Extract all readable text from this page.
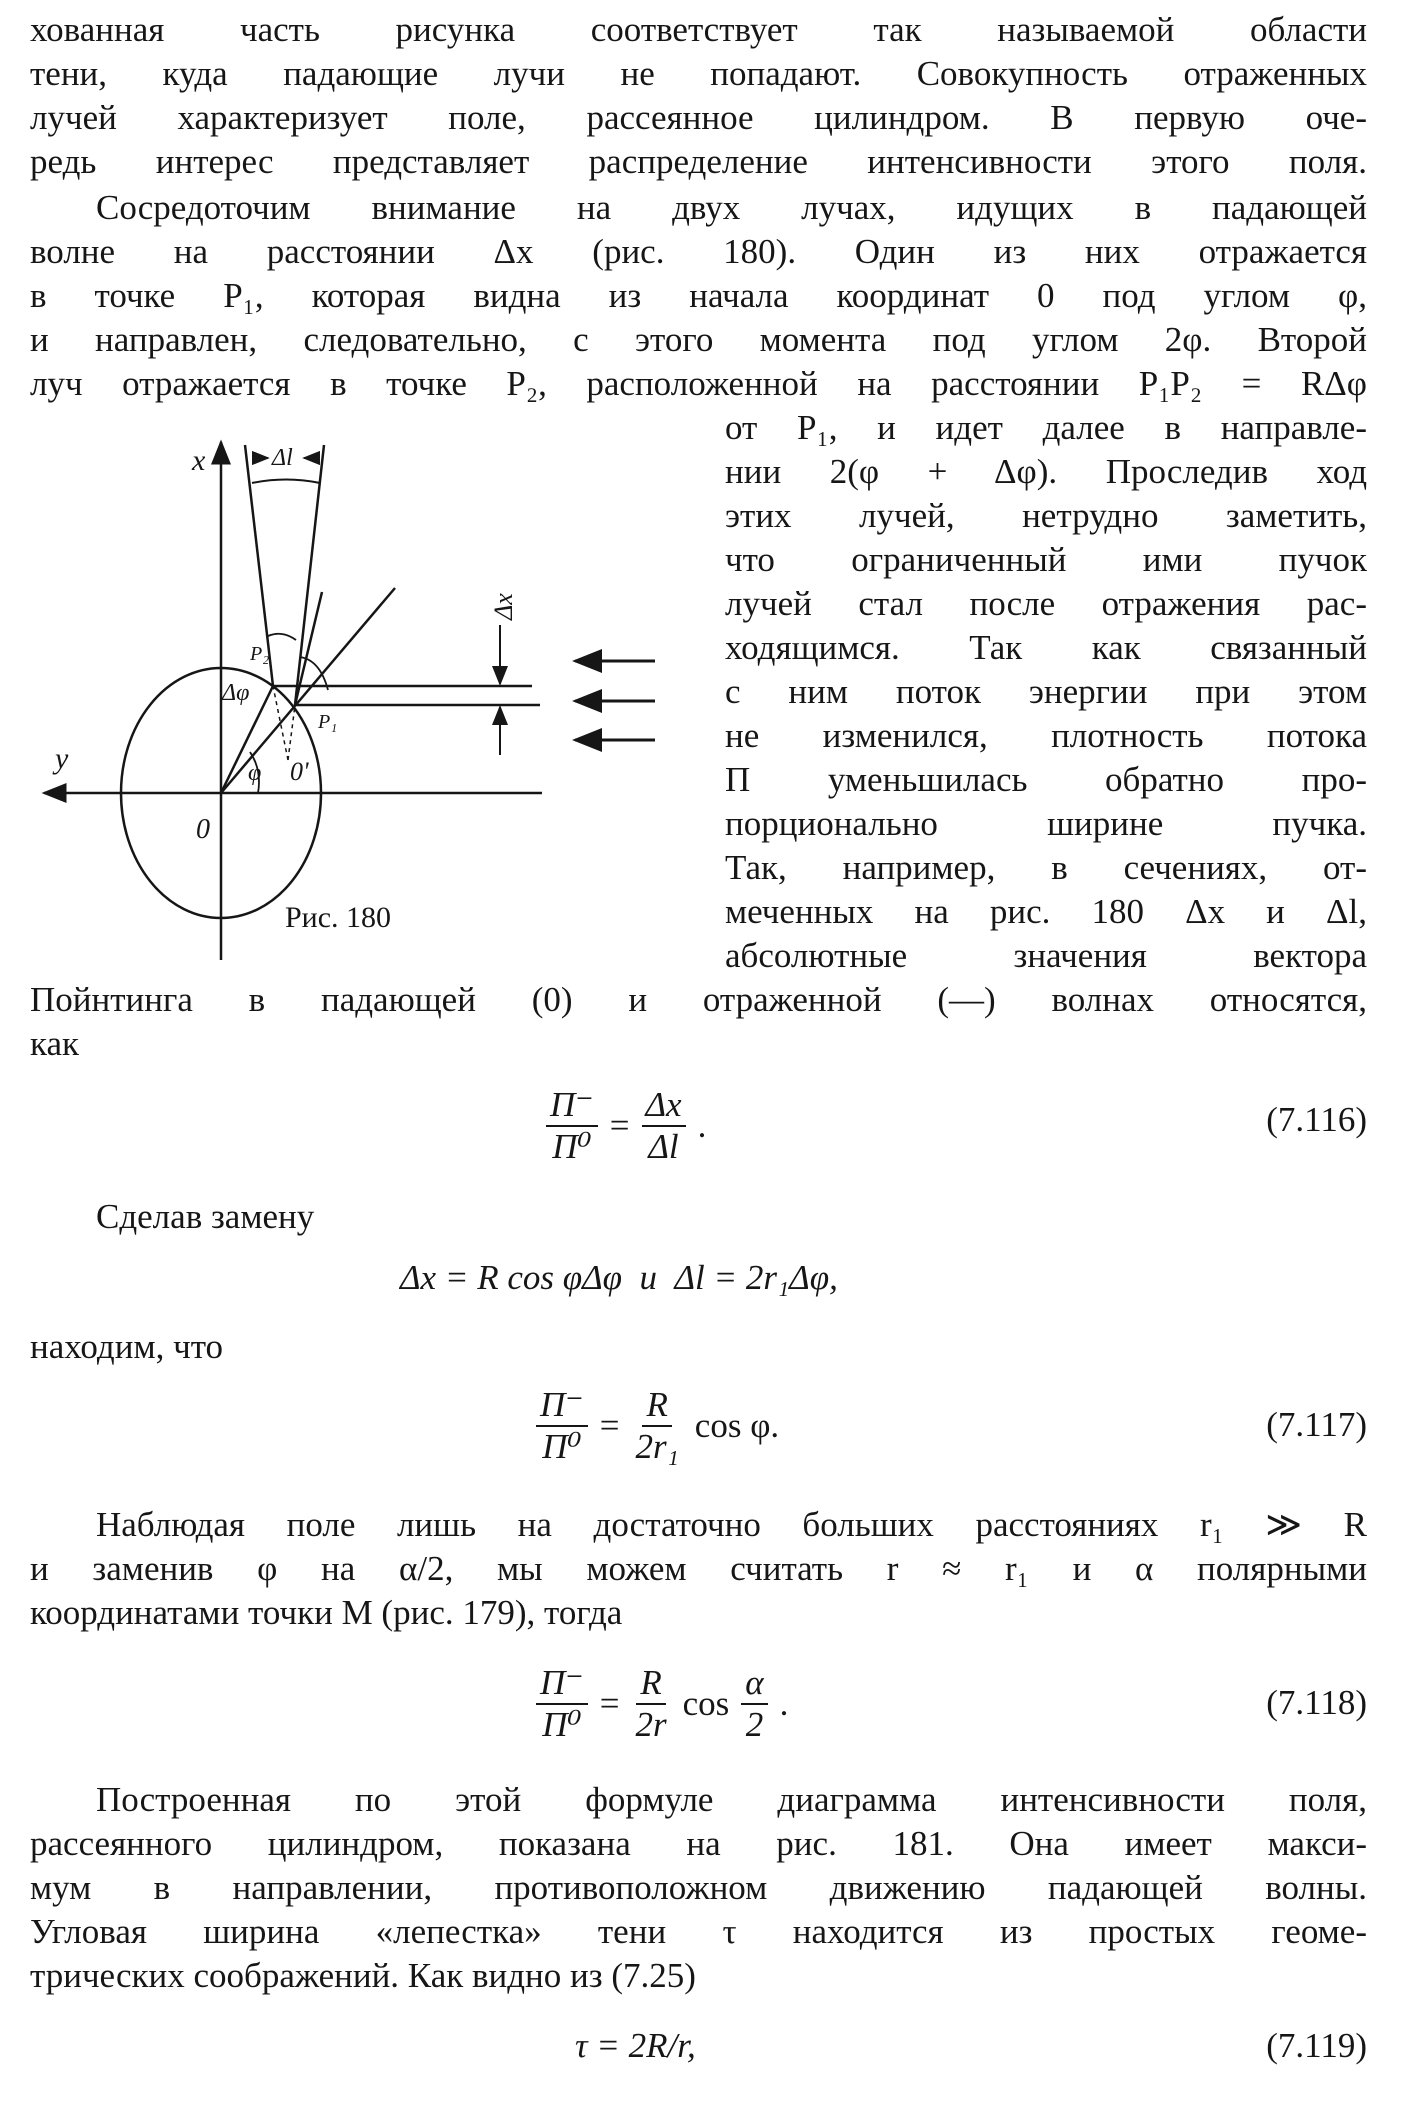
хованная часть рисунка соответствует так называемой области
тени, куда падающие лучи не попадают. Совокупность отраженных
лучей характеризует поле, рассеянное цилиндром. В первую оче-
редь интерес представляет распределение интенсивности этого поля.
Сосредоточим внимание на двух лучах, идущих в падающей
волне на расстоянии Δx (рис. 180). Один из них отражается
в точке P₁, которая видна из начала координат 0 под углом φ,
и направлен, следовательно, с этого момента под углом 2φ. Второй
луч отражается в точке P₂, расположенной на расстоянии P₁P₂ = RΔφ
от P₁, и идет далее в направле-
нии 2(φ + Δφ). Проследив ход
этих лучей, нетрудно заметить,
что ограниченный ими пучок
лучей стал после отражения рас-
ходящимся. Так как связанный
с ним поток энергии при этом
не изменился, плотность потока
П уменьшилась обратно про-
порционально ширине пучка.
Так, например, в сечениях, от-
меченных на рис. 180 Δx и Δl,
абсолютные значения вектора
Пойнтинга в падающей (0) и отраженной (—) волнах относятся,
как
x
y
0
0'
φ
Δφ
P₁
P₂
Δl
Δx
Рис. 180
$\frac{П^-}{\text{П⁰}} = \frac{\Delta x}{\Delta l}$ .	(7.116)
Сделав замену
Δx = R cos φΔφ  и  Δl = 2r₁Δφ,
находим, что
$\frac{П^-}{\text{П⁰}} = \frac{R}{\text{2r₁}}$ cos φ.	(7.117)
Наблюдая поле лишь на достаточно больших расстояниях r₁ ≫ R
и заменив φ на α/2, мы можем считать r ≈ r₁ и α полярными
координатами точки M (рис. 179), тогда
$\frac{П^-}{\text{П⁰}} = \frac{R}{2r}$ $\cos \frac{\alpha}{2}$ .	(7.118)
Построенная по этой формуле диаграмма интенсивности поля,
рассеянного цилиндром, показана на рис. 181. Она имеет макси-
мум в направлении, противоположном движению падающей волны.
Угловая ширина «лепестка» тени τ находится из простых геоме-
трических соображений. Как видно из (7.25)
τ = 2R/r,	(7.119)
